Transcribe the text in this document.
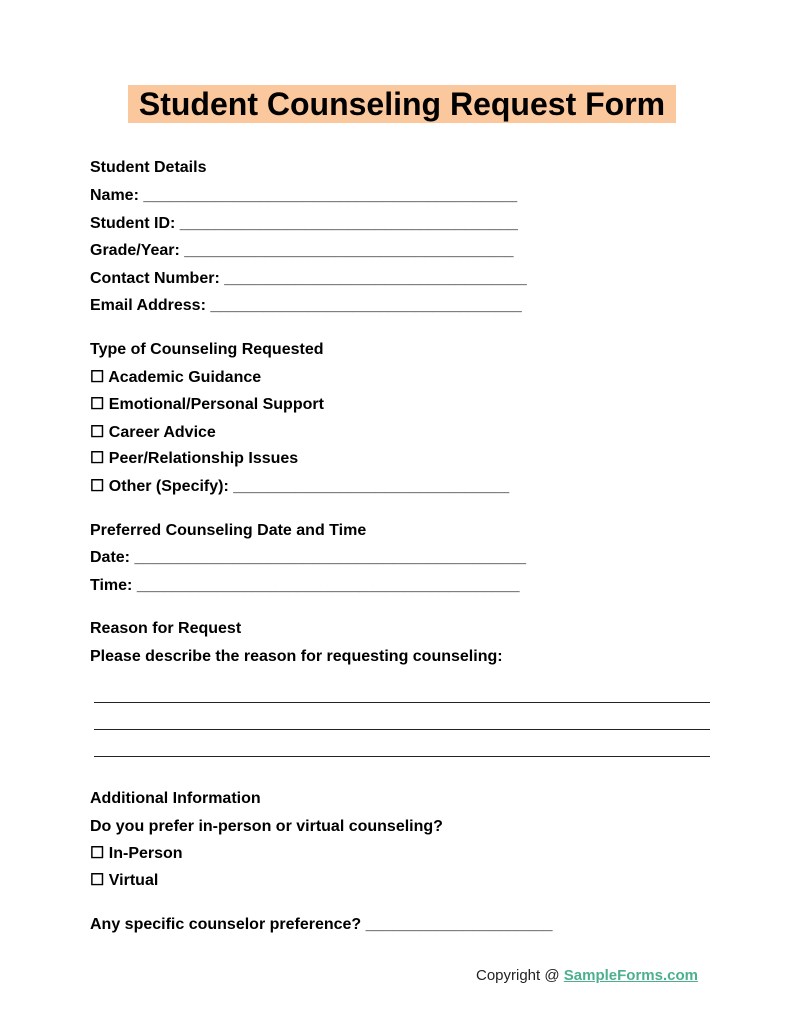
Student Counseling Request Form
Student Details
Name: __________________________________________
Student ID: ______________________________________
Grade/Year: _____________________________________
Contact Number: __________________________________
Email Address: ___________________________________
Type of Counseling Requested
☐ Academic Guidance
☐ Emotional/Personal Support
☐ Career Advice
☐ Peer/Relationship Issues
☐ Other (Specify): _______________________________
Preferred Counseling Date and Time
Date: ____________________________________________
Time: ___________________________________________
Reason for Request
Please describe the reason for requesting counseling:
Additional Information
Do you prefer in-person or virtual counseling?
☐ In-Person
☐ Virtual
Any specific counselor preference? _____________________
Copyright @ SampleForms.com
